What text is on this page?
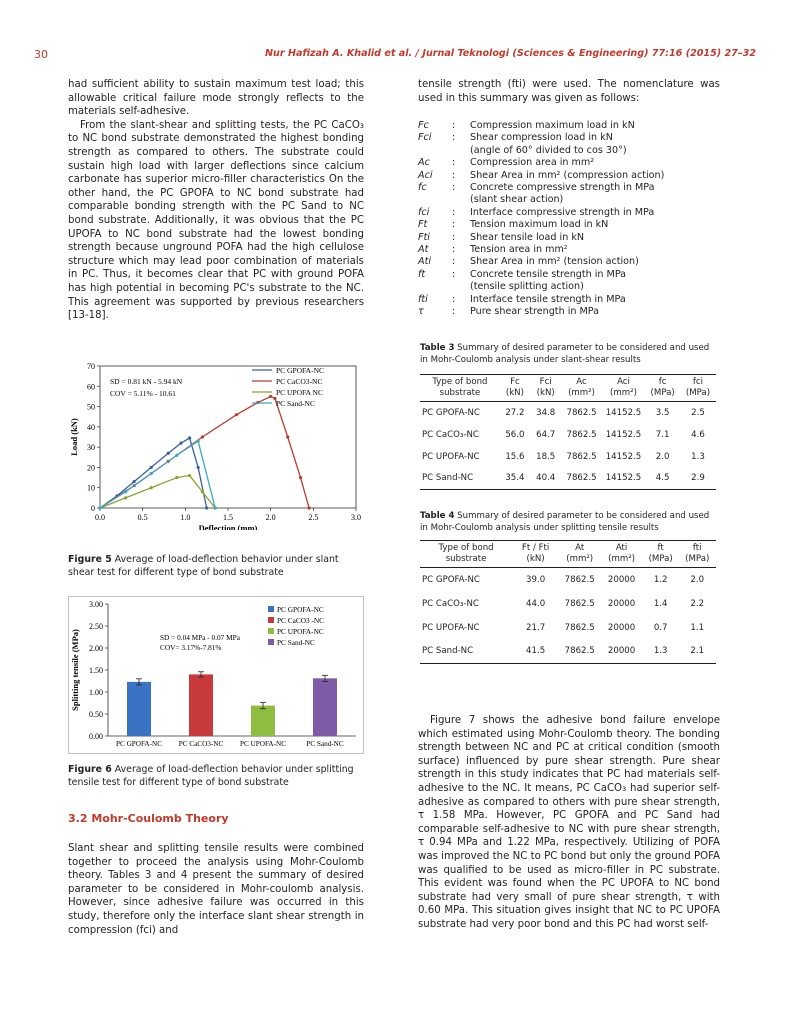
30	Nur Hafizah A. Khalid et al. / Jurnal Teknologi (Sciences & Engineering) 77:16 (2015) 27–32

had sufficient ability to sustain maximum test load; this allowable critical failure mode strongly reflects to the materials self-adhesive.

From the slant-shear and splitting tests, the PC CaCO₃ to NC bond substrate demonstrated the highest bonding strength as compared to others. The substrate could sustain high load with larger deflections since calcium carbonate has superior micro-filler characteristics On the other hand, the PC GPOFA to NC bond substrate had comparable bonding strength with the PC Sand to NC bond substrate. Additionally, it was obvious that the PC UPOFA to NC bond substrate had the lowest bonding strength because unground POFA had the high cellulose structure which may lead poor combination of materials in PC. Thus, it becomes clear that PC with ground POFA has high potential in becoming PC's substrate to the NC. This agreement was supported by previous researchers [13-18].

0
10
20
30
40
50
60
70
0.0	0.5	1.0	1.5	2.0	2.5	3.0
Deflection (mm)
Load (kN)
SD = 0.81 kN - 5.94 kN
COV = 5.11% - 10.61
PC GPOFA-NC
PC CaCO3-NC
PC UPOFA NC
PC Sand-NC
Figure 5 Average of load-deflection behavior under slant shear test for different type of bond substrate
0.00
0.50
1.00
1.50
2.00
2.50
3.00
Splitting tensile (MPa)
PC GPOFA-NC PC CaCO3-NC PC UPOFA-NC	PC Sand-NC
SD = 0.04 MPa - 0.07 MPa
COV= 3.17%-7.81%
PC GPOFA-NC
PC CaCO3 -NC
PC UPOFA-NC
PC Sand-NC
Figure 6 Average of load-deflection behavior under splitting tensile test for different type of bond substrate
3.2 Mohr-Coulomb Theory

Slant shear and splitting tensile results were combined together to proceed the analysis using Mohr-Coulomb theory. Tables 3 and 4 present the summary of desired parameter to be considered in Mohr-coulomb analysis. However, since adhesive failure was occurred in this study, therefore only the interface slant shear strength in compression (fci) and

tensile strength (fti) were used. The nomenclature was used in this summary was given as follows:

Fc	:	Compression maximum load in kN
Fci	:	Shear compression load in kN
(angle of 60° divided to cos 30°)
Ac	:	Compression area in mm²
Aci	:	Shear Area in mm² (compression action)
fc	:	Concrete compressive strength in MPa
(slant shear action)
fci	:	Interface compressive strength in MPa
Ft	:	Tension maximum load in kN
Fti	:	Shear tensile load in kN
At	:	Tension area in mm²
Ati	:	Shear Area in mm² (tension action)
ft	:	Concrete tensile strength in MPa
(tensile splitting action)
fti	:	Interface tensile strength in MPa
τ	:	Pure shear strength in MPa
Table 3 Summary of desired parameter to be considered and used in Mohr-Coulomb analysis under slant-shear results
Type of bond substrate	Fc (kN)	Fci (kN)	Ac (mm²)	Aci (mm²)	fc (MPa)	fci (MPa)
PC GPOFA-NC	27.2	34.8	7862.5	14152.5	3.5	2.5
PC CaCO₃-NC	56.0	64.7	7862.5	14152.5	7.1	4.6
PC UPOFA-NC	15.6	18.5	7862.5	14152.5	2.0	1.3
PC Sand-NC	35.4	40.4	7862.5	14152.5	4.5	2.9
Table 4 Summary of desired parameter to be considered and used in Mohr-Coulomb analysis under splitting tensile results
Type of bond substrate	Ft / Fti (kN)	At (mm²)	Ati (mm²)	ft (MPa)	fti (MPa)
PC GPOFA-NC	39.0	7862.5	20000	1.2	2.0
PC CaCO₃-NC	44.0	7862.5	20000	1.4	2.2
PC UPOFA-NC	21.7	7862.5	20000	0.7	1.1
PC Sand-NC	41.5	7862.5	20000	1.3	2.1

Figure 7 shows the adhesive bond failure envelope which estimated using Mohr-Coulomb theory. The bonding strength between NC and PC at critical condition (smooth surface) influenced by pure shear strength. Pure shear strength in this study indicates that PC had materials self-adhesive to the NC. It means, PC CaCO₃ had superior self-adhesive as compared to others with pure shear strength, τ 1.58 MPa. However, PC GPOFA and PC Sand had comparable self-adhesive to NC with pure shear strength, τ 0.94 MPa and 1.22 MPa, respectively. Utilizing of POFA was improved the NC to PC bond but only the ground POFA was qualified to be used as micro-filler in PC substrate. This evident was found when the PC UPOFA to NC bond substrate had very small of pure shear strength, τ with 0.60 MPa. This situation gives insight that NC to PC UPOFA substrate had very poor bond and this PC had worst self-
